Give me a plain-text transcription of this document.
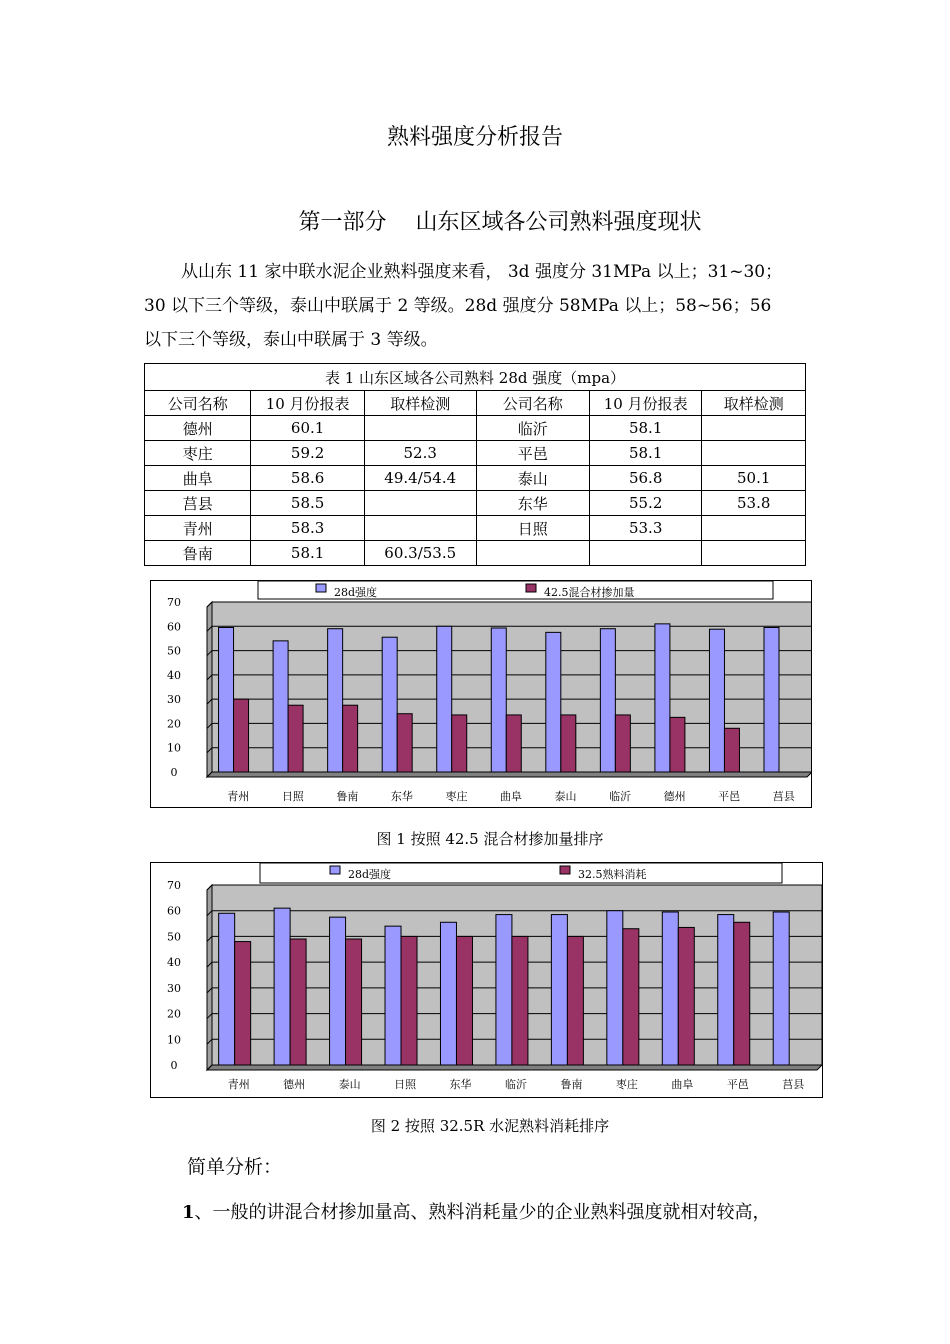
熟料强度分析报告
第一部分　 山东区域各公司熟料强度现状
从山东 11 家中联水泥企业熟料强度来看， 3d 强度分 31MPa 以上；31~30；
30 以下三个等级，泰山中联属于 2 等级。28d 强度分 58MPa 以上；58~56；56
以下三个等级，泰山中联属于 3 等级。
表 1 山东区域各公司熟料 28d 强度（mpa）					
公司名称	10 月份报表	取样检测	公司名称	10 月份报表	取样检测
德州	60.1		临沂	58.1	
枣庄	59.2	52.3	平邑	58.1	
曲阜	58.6	49.4/54.4	泰山	56.8	50.1
莒县	58.5		东华	55.2	53.8
青州	58.3		日照	53.3	
鲁南	58.1	60.3/53.5			
0
10
20
30
40
50
60
70
青州	日照	鲁南	东华	枣庄	曲阜	泰山	临沂	德州	平邑	莒县
28d强度	42.5混合材掺加量
图 1 按照 42.5 混合材掺加量排序
0
10
20
30
40
50
60
70
青州	德州	泰山	日照	东华	临沂	鲁南	枣庄	曲阜	平邑	莒县
28d强度	32.5熟料消耗
图 2 按照 32.5R 水泥熟料消耗排序
简单分析：
1、一般的讲混合材掺加量高、熟料消耗量少的企业熟料强度就相对较高，
